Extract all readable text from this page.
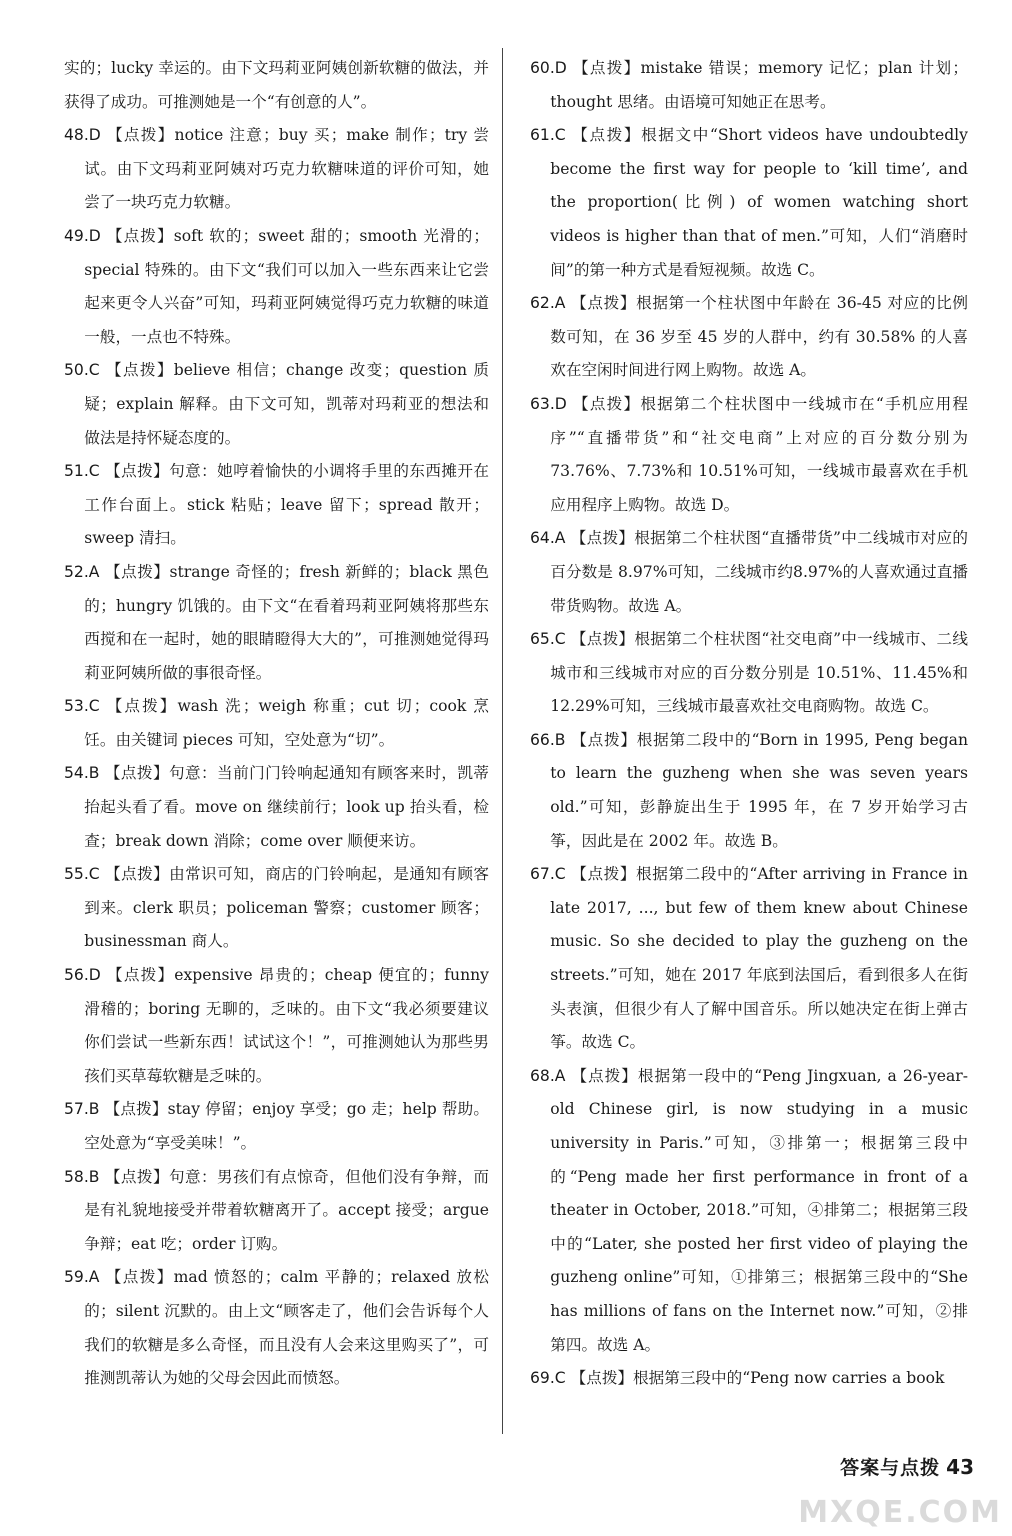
实的；lucky 幸运的。由下文玛莉亚阿姨创新软糖的做法，并获得了成功。可推测她是一个“有创意的人”。

48.D 【点拨】notice 注意；buy 买；make 制作；try 尝试。由下文玛莉亚阿姨对巧克力软糖味道的评价可知，她尝了一块巧克力软糖。

49.D 【点拨】soft 软的；sweet 甜的；smooth 光滑的；special 特殊的。由下文“我们可以加入一些东西来让它尝起来更令人兴奋”可知，玛莉亚阿姨觉得巧克力软糖的味道一般，一点也不特殊。

50.C 【点拨】believe 相信；change 改变；question 质疑；explain 解释。由下文可知，凯蒂对玛莉亚的想法和做法是持怀疑态度的。

51.C 【点拨】句意：她哼着愉快的小调将手里的东西摊开在工作台面上。stick 粘贴；leave 留下；spread 散开；sweep 清扫。

52.A 【点拨】strange 奇怪的；fresh 新鲜的；black 黑色的；hungry 饥饿的。由下文“在看着玛莉亚阿姨将那些东西搅和在一起时，她的眼睛瞪得大大的”，可推测她觉得玛莉亚阿姨所做的事很奇怪。

53.C 【点拨】wash 洗；weigh 称重；cut 切；cook 烹饪。由关键词 pieces 可知，空处意为“切”。

54.B 【点拨】句意：当前门门铃响起通知有顾客来时，凯蒂抬起头看了看。move on 继续前行；look up 抬头看，检查；break down 消除；come over 顺便来访。

55.C 【点拨】由常识可知，商店的门铃响起，是通知有顾客到来。clerk 职员；policeman 警察；customer 顾客；businessman 商人。

56.D 【点拨】expensive 昂贵的；cheap 便宜的；funny 滑稽的；boring 无聊的，乏味的。由下文“我必须要建议你们尝试一些新东西！试试这个！”，可推测她认为那些男孩们买草莓软糖是乏味的。

57.B 【点拨】stay 停留；enjoy 享受；go 走；help 帮助。空处意为“享受美味！”。

58.B 【点拨】句意：男孩们有点惊奇，但他们没有争辩，而是有礼貌地接受并带着软糖离开了。accept 接受；argue 争辩；eat 吃；order 订购。

59.A 【点拨】mad 愤怒的；calm 平静的；relaxed 放松的；silent 沉默的。由上文“顾客走了，他们会告诉每个人我们的软糖是多么奇怪，而且没有人会来这里购买了”，可推测凯蒂认为她的父母会因此而愤怒。

60.D 【点拨】mistake 错误；memory 记忆；plan 计划；thought 思绪。由语境可知她正在思考。

61.C 【点拨】根据文中“Short videos have undoubtedly become the first way for people to ‘kill time’, and the proportion(比例) of women watching short videos is higher than that of men.”可知，人们“消磨时间”的第一种方式是看短视频。故选 C。

62.A 【点拨】根据第一个柱状图中年龄在 36-45 对应的比例数可知，在 36 岁至 45 岁的人群中，约有 30.58% 的人喜欢在空闲时间进行网上购物。故选 A。

63.D 【点拨】根据第二个柱状图中一线城市在“手机应用程序”“直播带货”和“社交电商”上对应的百分数分别为 73.76%、7.73%和 10.51%可知，一线城市最喜欢在手机应用程序上购物。故选 D。

64.A 【点拨】根据第二个柱状图“直播带货”中二线城市对应的百分数是 8.97%可知，二线城市约8.97%的人喜欢通过直播带货购物。故选 A。

65.C 【点拨】根据第二个柱状图“社交电商”中一线城市、二线城市和三线城市对应的百分数分别是 10.51%、11.45%和 12.29%可知，三线城市最喜欢社交电商购物。故选 C。

66.B 【点拨】根据第二段中的“Born in 1995, Peng began to learn the guzheng when she was seven years old.”可知，彭静旋出生于 1995 年，在 7 岁开始学习古筝，因此是在 2002 年。故选 B。

67.C 【点拨】根据第二段中的“After arriving in France in late 2017, ..., but few of them knew about Chinese music. So she decided to play the guzheng on the streets.”可知，她在 2017 年底到法国后，看到很多人在街头表演，但很少有人了解中国音乐。所以她决定在街上弹古筝。故选 C。

68.A 【点拨】根据第一段中的“Peng Jingxuan, a 26-year-old Chinese girl, is now studying in a music university in Paris.”可知，③排第一；根据第三段中的“Peng made her first performance in front of a theater in October, 2018.”可知，④排第二；根据第三段中的“Later, she posted her first video of playing the guzheng online”可知，①排第三；根据第三段中的“She has millions of fans on the Internet now.”可知，②排第四。故选 A。

69.C 【点拨】根据第三段中的“Peng now carries a book

答案与点拨 43
MXQE.COM
